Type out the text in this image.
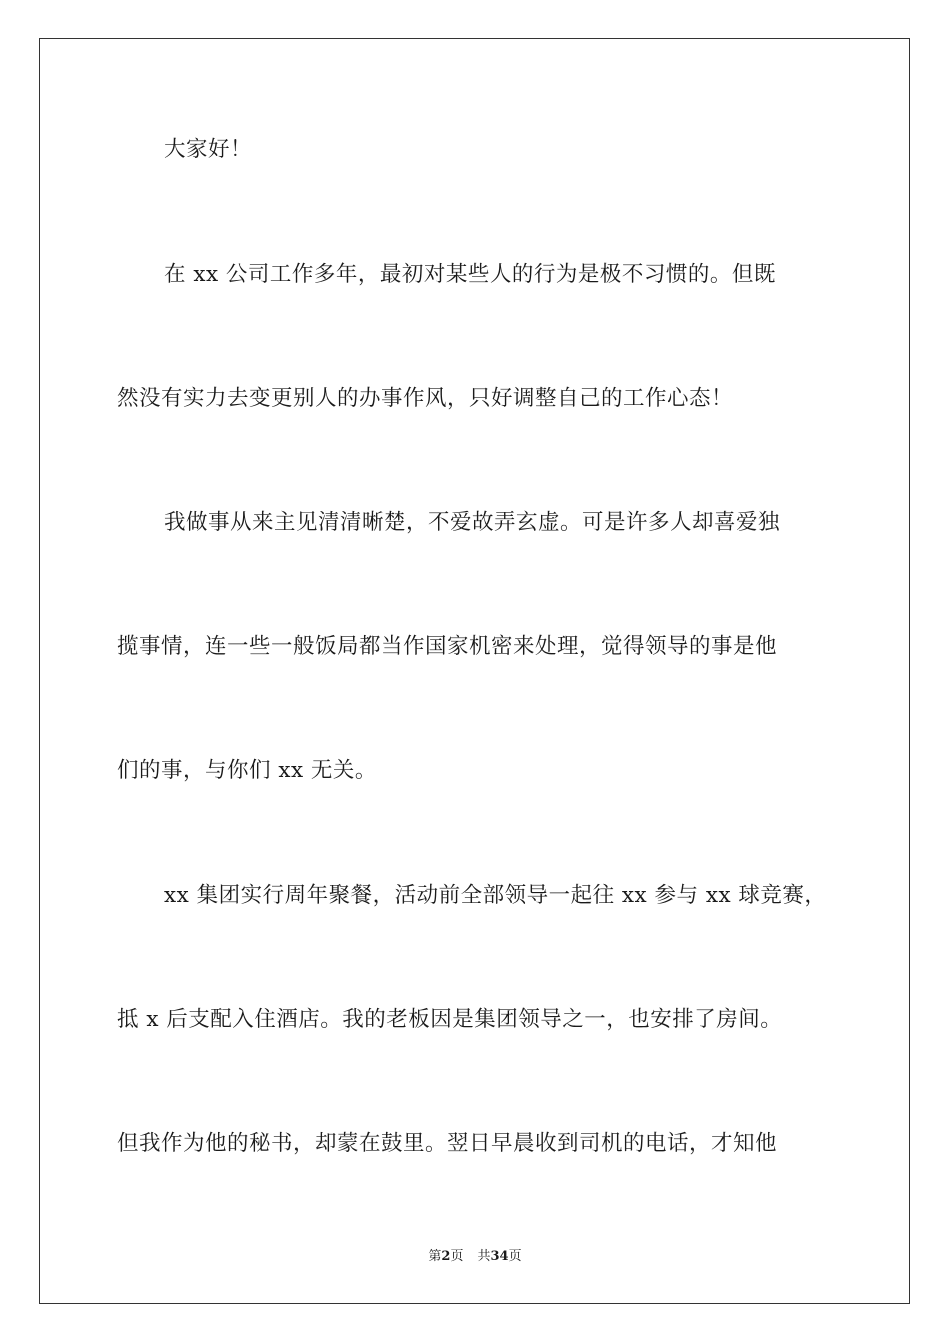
大家好！
在 xx 公司工作多年，最初对某些人的行为是极不习惯的。但既
然没有实力去变更别人的办事作风，只好调整自己的工作心态！
我做事从来主见清清晰楚，不爱故弄玄虚。可是许多人却喜爱独
揽事情，连一些一般饭局都当作国家机密来处理，觉得领导的事是他
们的事，与你们 xx 无关。
xx 集团实行周年聚餐，活动前全部领导一起往 xx 参与 xx 球竞赛，
抵 x 后支配入住酒店。我的老板因是集团领导之一，也安排了房间。
但我作为他的秘书，却蒙在鼓里。翌日早晨收到司机的电话，才知他
第2页 共34页
